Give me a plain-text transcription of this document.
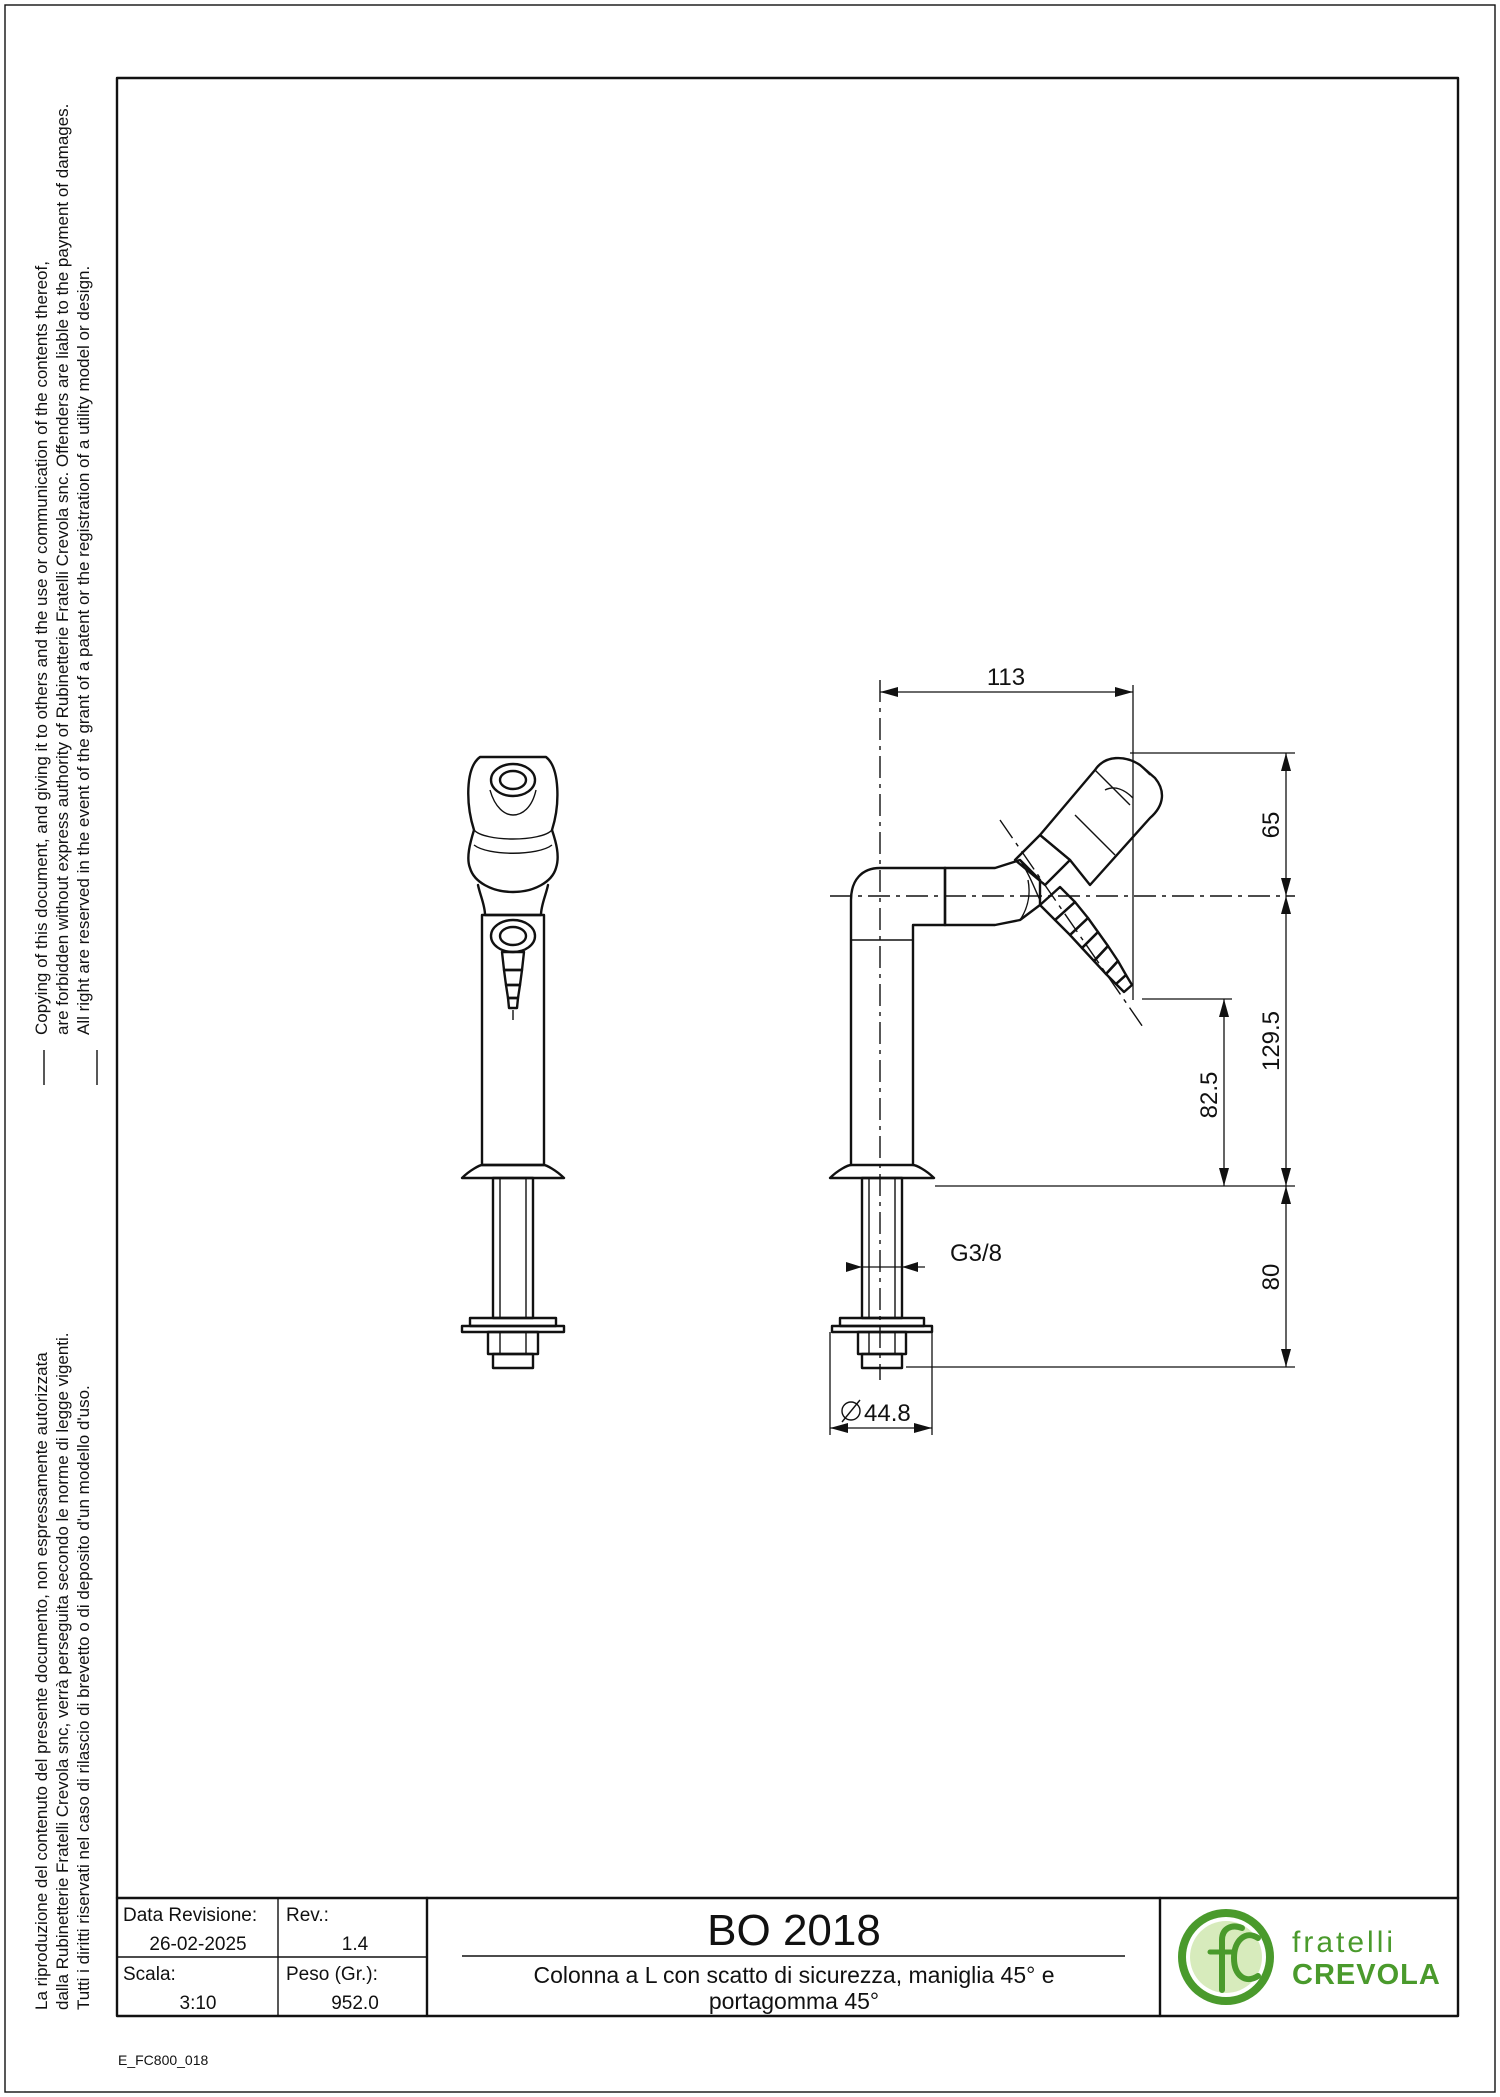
Copying of this document, and giving it to others and the use or communication of the contents thereof, are forbidden without express authority of Rubinetterie Fratelli Crevola snc. Offenders are liable to the payment of damages. All right are reserved in the event of the grant of a patent or the registration of a utility model or design.
La riproduzione del contenuto del presente documento, non espressamente autorizzata dalla Rubinetterie Fratelli Crevola snc, verrà perseguita secondo le norme di legge vigenti. Tutti i diritti riservati nel caso di rilascio di brevetto o di deposito d'un modello d'uso.
113
65
129.5
82.5
80
G3/8
44.8
Data Revisione:
26-02-2025
Rev.:
1.4
Scala:
3:10
Peso (Gr.):
952.0
BO 2018
Colonna a L con scatto di sicurezza, maniglia 45° e
portagomma 45°
fratelli
CREVOLA
E_FC800_018
